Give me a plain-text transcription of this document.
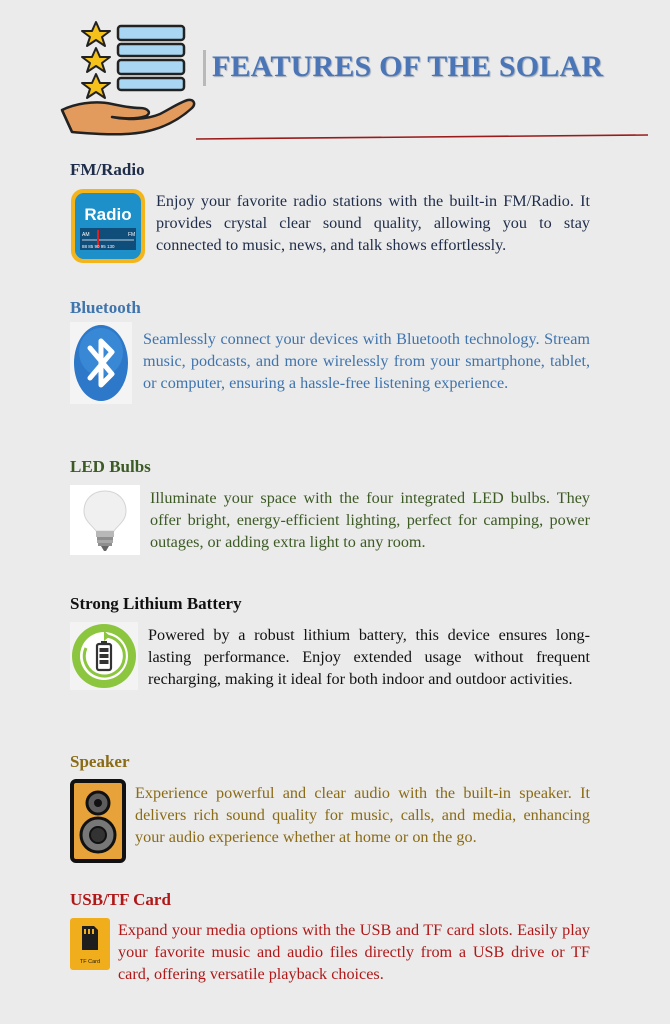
FEATURES OF THE SOLAR
FM/Radio
Radio
AM	FM
88 85 90 95 130

Enjoy your favorite radio stations with the built-in FM/Radio. It provides crystal clear sound quality, allowing you to stay connected to music, news, and talk shows effortlessly.

Bluetooth

Seamlessly connect your devices with Bluetooth technology. Stream music, podcasts, and more wirelessly from your smartphone, tablet, or computer, ensuring a hassle-free listening experience.

LED Bulbs

Illuminate your space with the four integrated LED bulbs. They offer bright, energy-efficient lighting, perfect for camping, power outages, or adding extra light to any room.

Strong Lithium Battery

Powered by a robust lithium battery, this device ensures long-lasting performance. Enjoy extended usage without frequent recharging, making it ideal for both indoor and outdoor activities.

Speaker

Experience powerful and clear audio with the built-in speaker. It delivers rich sound quality for music, calls, and media, enhancing your audio experience whether at home or on the go.

USB/TF Card
TF Card

Expand your media options with the USB and TF card slots. Easily play your favorite music and audio files directly from a USB drive or TF card, offering versatile playback choices.
